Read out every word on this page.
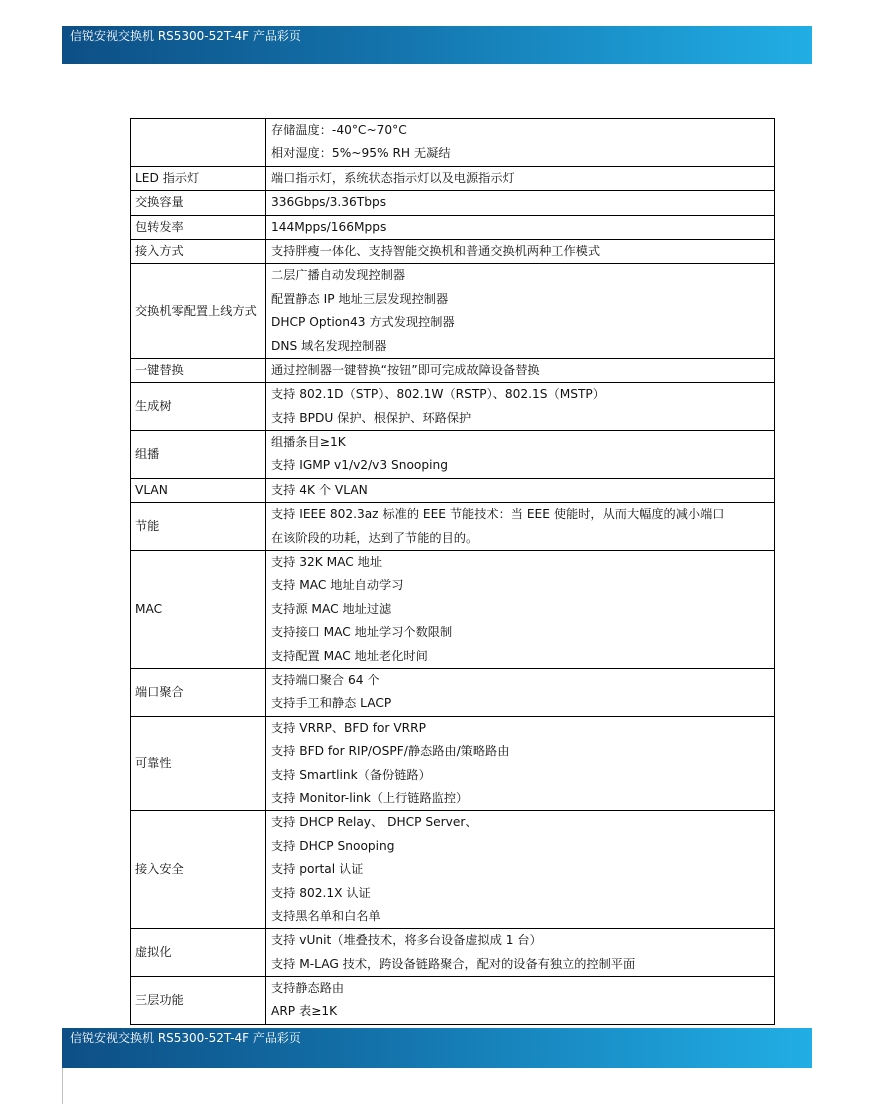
信锐安视交换机 RS5300-52T-4F 产品彩页

	存储温度：-40°C~70°C
相对湿度：5%~95% RH 无凝结

LED 指示灯	端口指示灯，系统状态指示灯以及电源指示灯

交换容量	336Gbps/3.36Tbps

包转发率	144Mpps/166Mpps

接入方式	支持胖瘦一体化、支持智能交换机和普通交换机两种工作模式

交换机零配置上线方式	二层广播自动发现控制器
配置静态 IP 地址三层发现控制器
DHCP Option43 方式发现控制器
DNS 域名发现控制器

一键替换	通过控制器一键替换“按钮”即可完成故障设备替换

生成树	支持 802.1D（STP）、802.1W（RSTP）、802.1S（MSTP）
支持 BPDU 保护、根保护、环路保护

组播	组播条目≥1K
支持 IGMP v1/v2/v3 Snooping

VLAN	支持 4K 个 VLAN

节能	支持 IEEE 802.3az 标准的 EEE 节能技术：当 EEE 使能时，从而大幅度的减小端口
在该阶段的功耗，达到了节能的目的。

MAC	支持 32K MAC 地址
支持 MAC 地址自动学习
支持源 MAC 地址过滤
支持接口 MAC 地址学习个数限制
支持配置 MAC 地址老化时间

端口聚合	支持端口聚合 64 个
支持手工和静态 LACP

可靠性	支持 VRRP、BFD for VRRP
支持 BFD for RIP/OSPF/静态路由/策略路由
支持 Smartlink（备份链路）
支持 Monitor-link（上行链路监控）

接入安全	支持 DHCP Relay、 DHCP Server、
支持 DHCP Snooping
支持 portal 认证
支持 802.1X 认证
支持黑名单和白名单

虚拟化	支持 vUnit（堆叠技术，将多台设备虚拟成 1 台）
支持 M-LAG 技术，跨设备链路聚合，配对的设备有独立的控制平面

三层功能	支持静态路由
ARP 表≥1K
信锐安视交换机 RS5300-52T-4F 产品彩页
